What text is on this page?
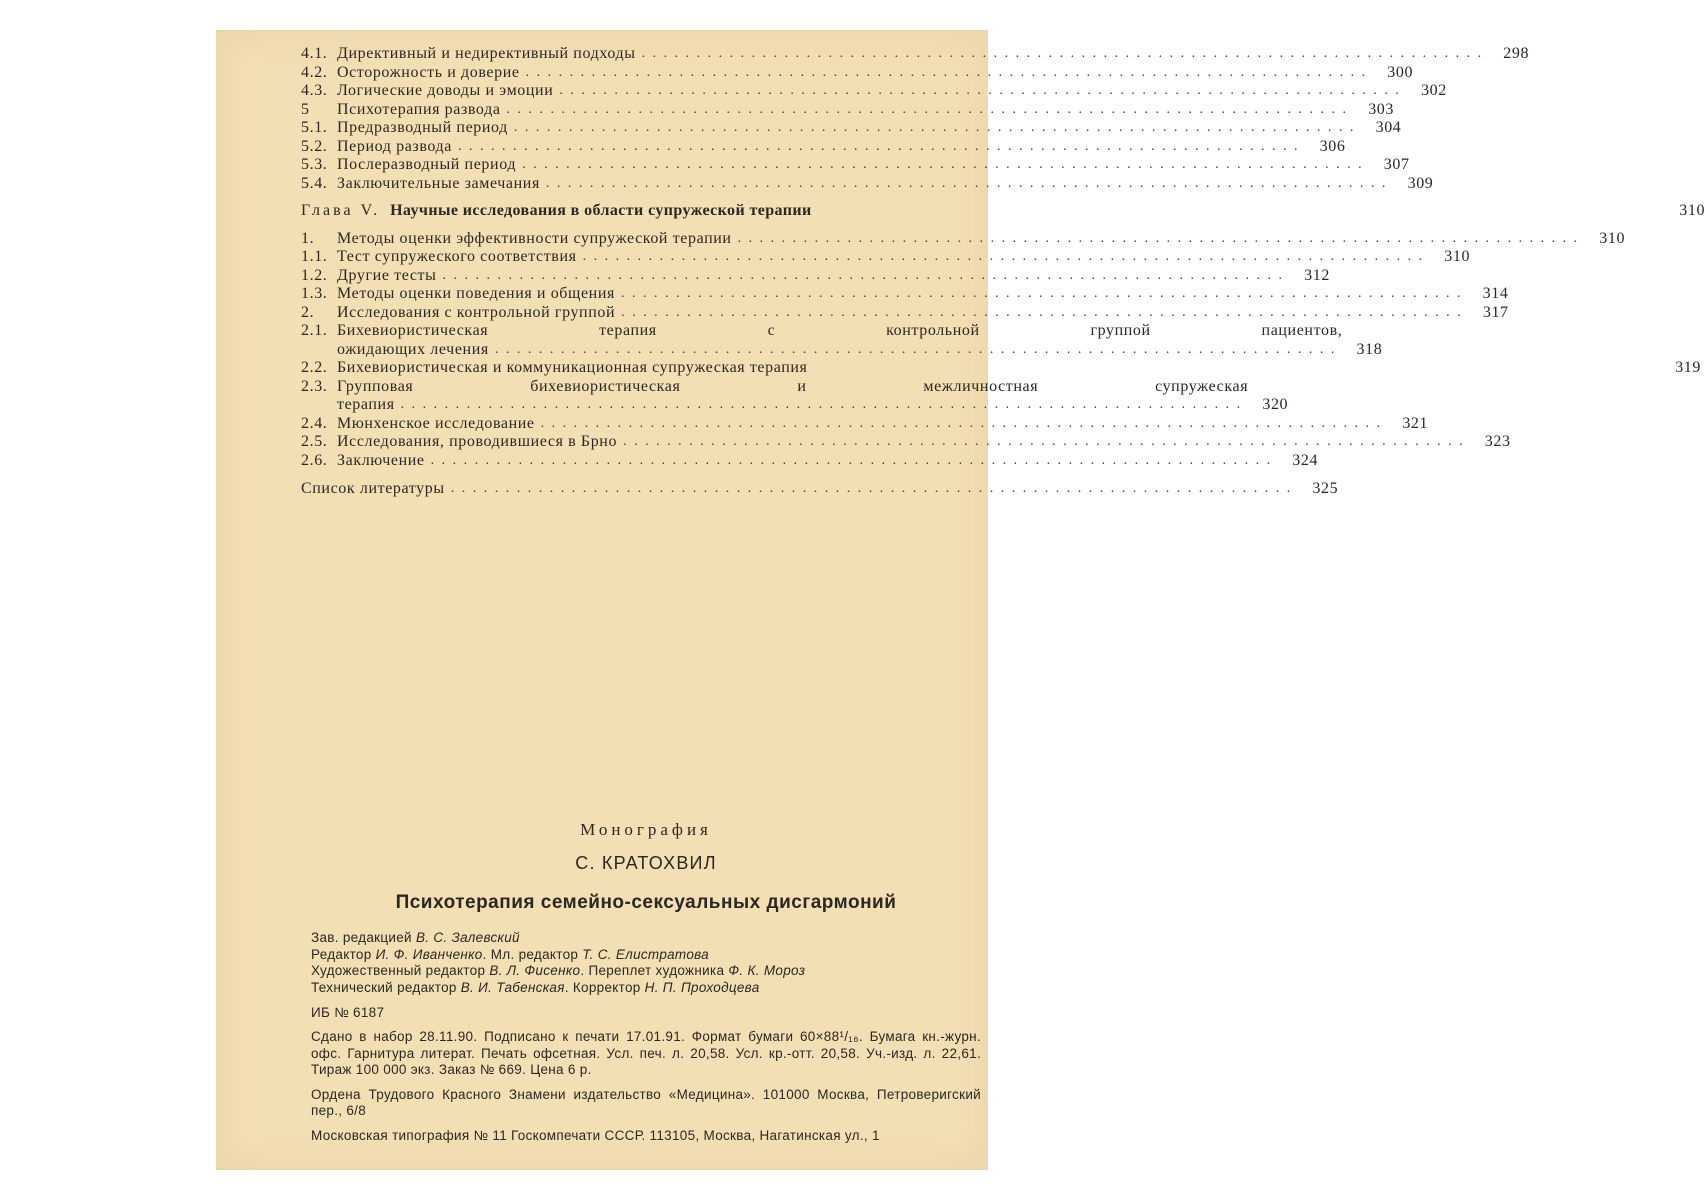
4.1. Директивный и недирективный подходы . . .	298
4.2. Осторожность и доверие . . .	300
4.3. Логические доводы и эмоции . . .	302
5	Психотерапия развода . . .	303
5.1. Предразводный период . . .	304
5.2. Период развода . . .	306
5.3. Послеразводный период . . .	307
5.4. Заключительные замечания . . .	309
Глава V. Научные исследования в области супружеской терапии	310
1.	Методы оценки эффективности супружеской терапии . . .	310
1.1. Тест супружеского соответствия . . .	310
1.2. Другие тесты . . .	312
1.3. Методы оценки поведения и общения . . .	314
2.	Исследования с контрольной группой . . .	317
2.1. Бихевиористическая терапия с контрольной группой пациентов,
ожидающих лечения . . .	318
2.2. Бихевиористическая и коммуникационная супружеская терапия	319
2.3. Групповая бихевиористическая и межличностная супружеская
терапия . . .	320
2.4. Мюнхенское исследование . . .	321
2.5. Исследования, проводившиеся в Брно . . .	323
2.6. Заключение . . .	324
Список литературы . . .	325
Монография
С. КРАТОХВИЛ
Психотерапия семейно-сексуальных дисгармоний
Зав. редакцией В. С. Залевский
Редактор И. Ф. Иванченко. Мл. редактор Т. С. Елистратова
Художественный редактор В. Л. Фисенко. Переплет художника Ф. К. Мороз
Технический редактор В. И. Табенская. Корректор Н. П. Проходцева
ИБ № 6187
Сдано в набор 28.11.90. Подписано к печати 17.01.91. Формат бумаги 60×88¹/₁₆. Бумага кн.-журн. офс. Гарнитура литерат. Печать офсетная. Усл. печ. л. 20,58. Усл. кр.-отт. 20,58. Уч.-изд. л. 22,61. Тираж 100 000 экз. Заказ № 669. Цена 6 р.
Ордена Трудового Красного Знамени издательство «Медицина». 101000 Москва, Петроверигский пер., 6/8
Московская типография № 11 Госкомпечати СССР. 113105, Москва, Нагатинская ул., 1
